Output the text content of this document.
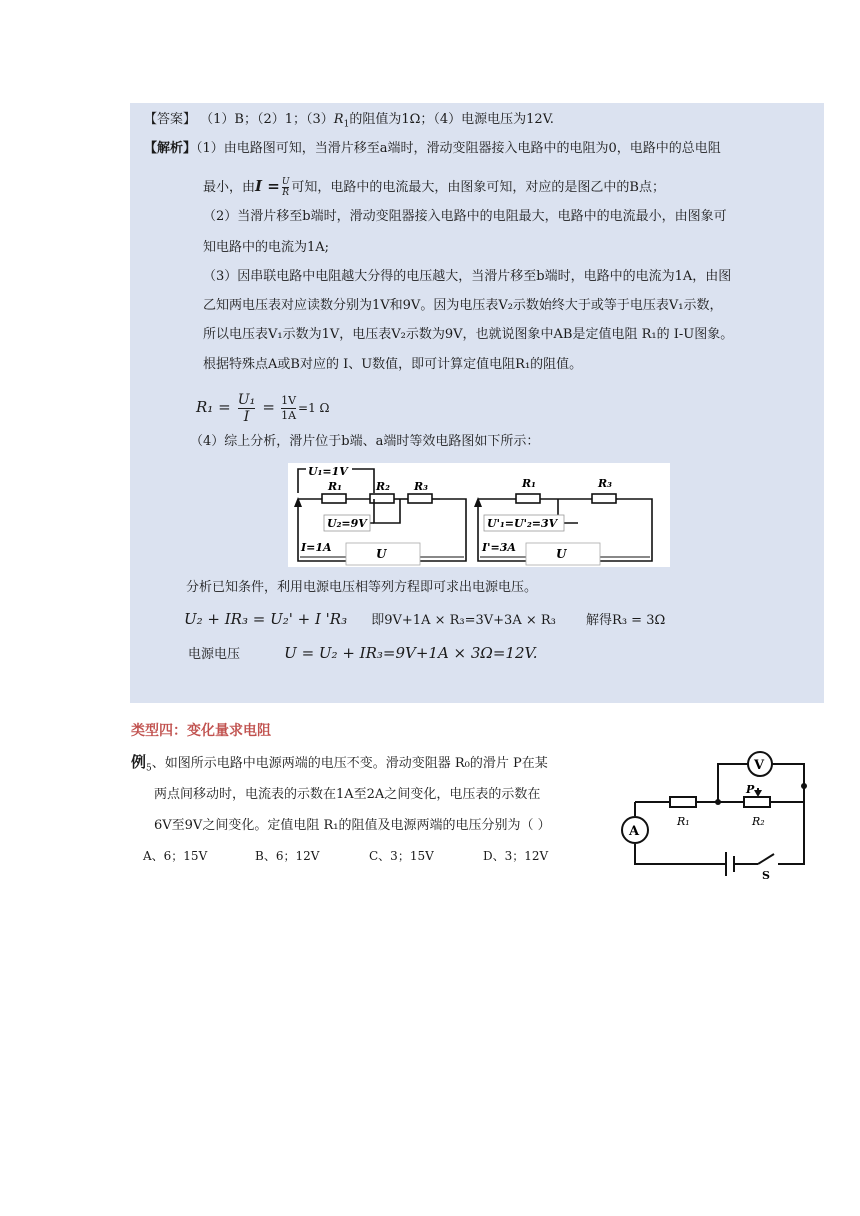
【答案】 （1）B；（2）1；$(3)R_1$的阻值为1Ω；（4）电源电压为12V.
【解析】（1）由电路图可知，当滑片移至a端时，滑动变阻器接入电路中的电阻为0，电路中的总电阻
最小，由$I = \frac{U}{R}$ 可知，电路中的电流最大，由图象可知，对应的是图乙中的B点；
（2）当滑片移至b端时，滑动变阻器接入电路中的电阻最大，电路中的电流最小，由图象可
知电路中的电流为1A;
（3）因串联电路中电阻越大分得的电压越大，当滑片移至b端时，电路中的电流为1A，由图
乙知两电压表对应读数分别为1V和9V。因为电压表V₂示数始终大于或等于电压表V₁示数，
所以电压表V₁示数为1V，电压表V₂示数为9V，也就说图象中AB是定值电阻 R₁的 I-U图象。
根据特殊点A或B对应的 I、U数值，即可计算定值电阻R₁的阻值。
$R_1 = \frac{\text{U₁}}{I} = \frac{1V}{1A} =1$ Ω
（4）综上分析，滑片位于b端、a端时等效电路图如下所示：
U₁=1V
R₁	R₂ R₃
U₂=9V
I=1A	U
R₁	R₃
U'₁=U'₂=3V
I'=3A	U
分析已知条件，利用电源电压相等列方程即可求出电源电压。
U₂ + IR₃ = U₂' + I 'R₃ 即9V+1A × R₃=3V+3A × R₃ 解得R₃ = 3Ω
电源电压	U = U₂ + IR₃=9V+1A × 3Ω=12V.
类型四：变化量求电阻
例$_5$、如图所示电路中电源两端的电压不变。滑动变阻器 R₀的滑片 P在某
两点间移动时，电流表的示数在1A至2A之间变化，电压表的示数在
6V至9V之间变化。定值电阻 R₁的阻值及电源两端的电压分别为（ ）
A、6；15V	B、6；12V	C、3；15V	D、3；12V
V
A
R₁	R₂
P
S
